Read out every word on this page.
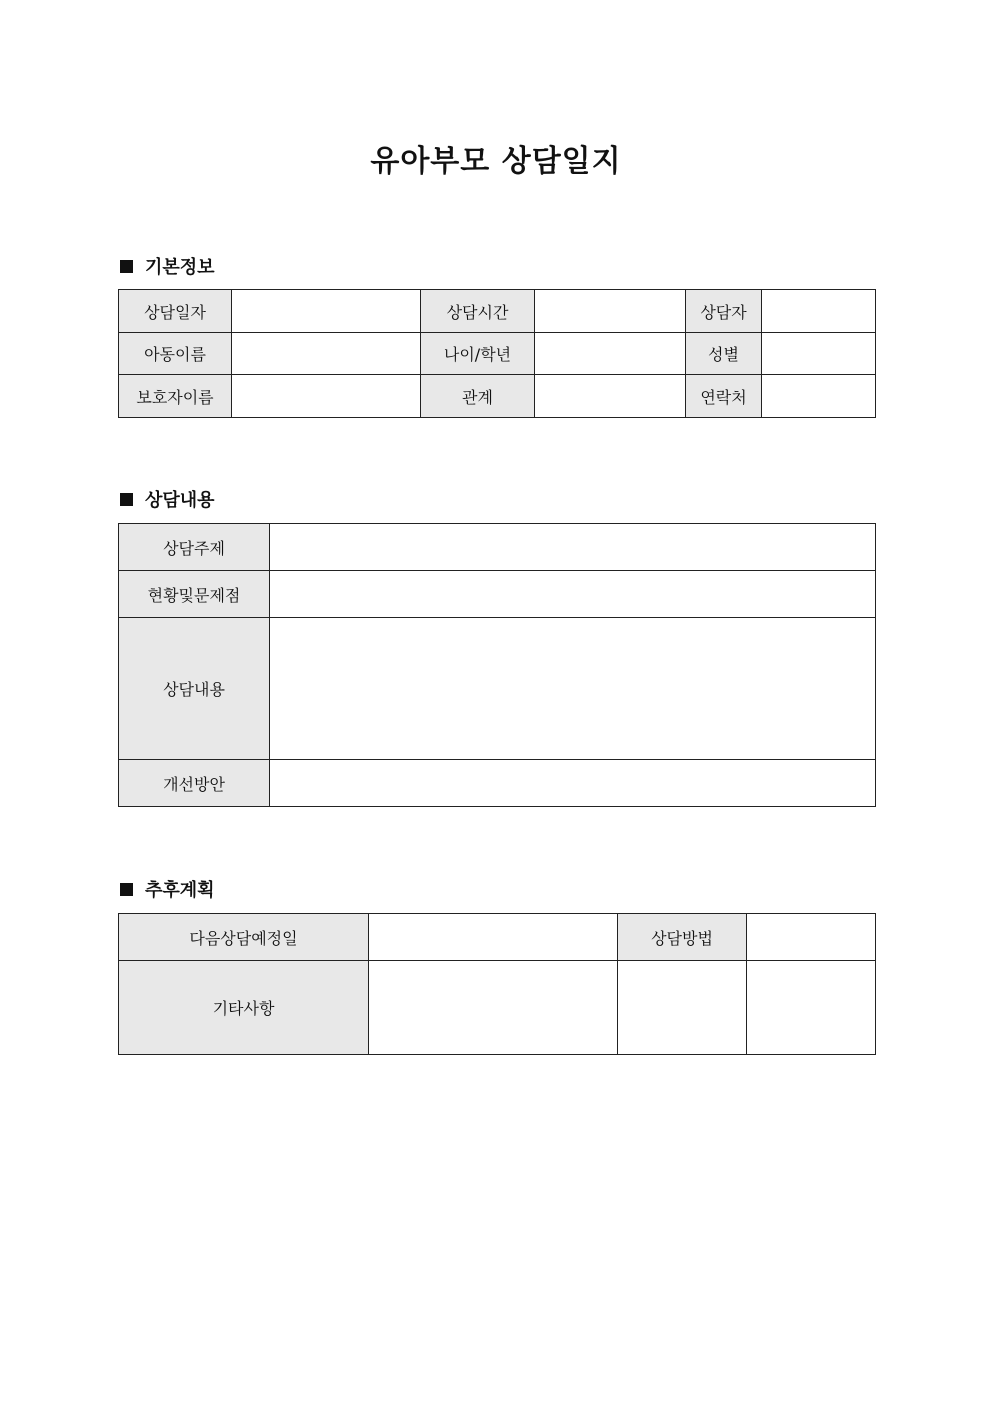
유아부모 상담일지
기본정보
상담일자		상담시간		상담자	
아동이름		나이/학년		성별	
보호자이름		관계		연락처	
상담내용
상담주제	
현황및문제점	
상담내용	
개선방안	
추후계획
다음상담예정일		상담방법	
기타사항			
